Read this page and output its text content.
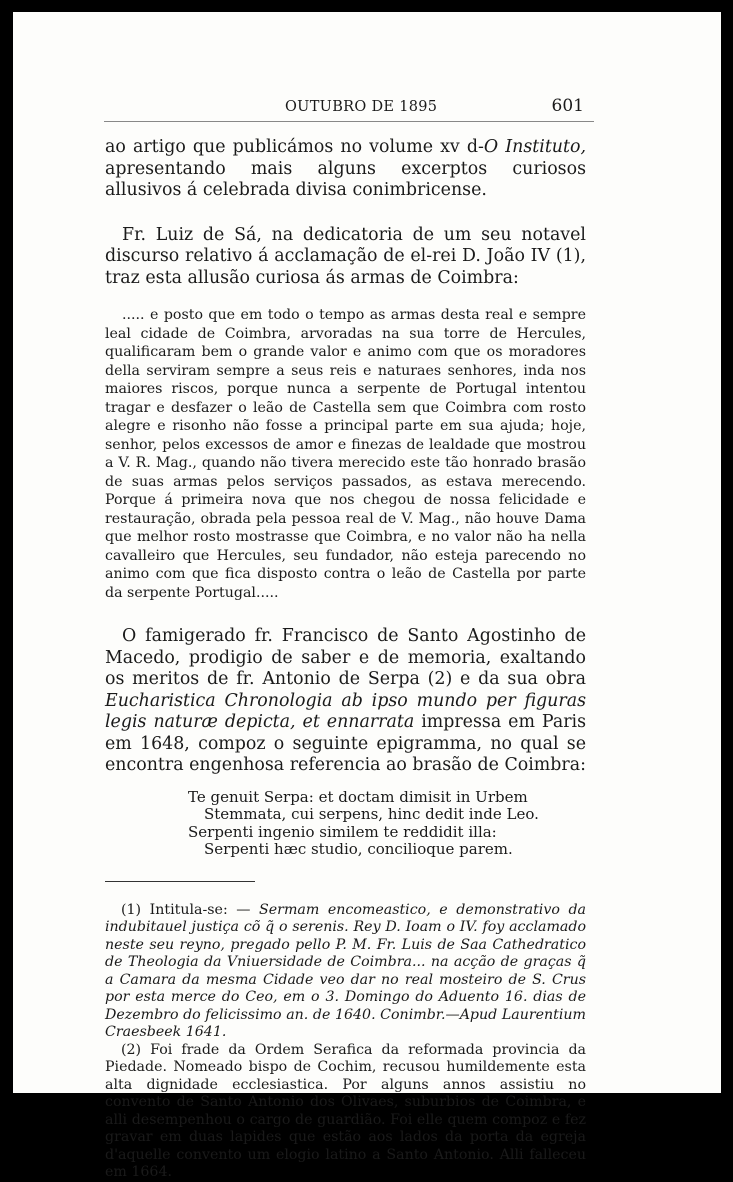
OUTUBRO DE 1895	601

ao artigo que publicámos no volume xv d-O Instituto, apresentando mais alguns excerptos curiosos allusivos á celebrada divisa conimbricense.

Fr. Luiz de Sá, na dedicatoria de um seu notavel discurso relativo á acclamação de el-rei D. João IV (1), traz esta allusão curiosa ás armas de Coimbra:

..... e posto que em todo o tempo as armas desta real e sempre leal cidade de Coimbra, arvoradas na sua torre de Hercules, qualificaram bem o grande valor e animo com que os moradores della serviram sempre a seus reis e naturaes senhores, inda nos maiores riscos, porque nunca a serpente de Portugal intentou tragar e desfazer o leão de Castella sem que Coimbra com rosto alegre e risonho não fosse a principal parte em sua ajuda; hoje, senhor, pelos excessos de amor e finezas de lealdade que mostrou a V. R. Mag., quando não tivera merecido este tão honrado brasão de suas armas pelos serviços passados, as estava merecendo. Porque á primeira nova que nos chegou de nossa felicidade e restauração, obrada pela pessoa real de V. Mag., não houve Dama que melhor rosto mostrasse que Coimbra, e no valor não ha nella cavalleiro que Hercules, seu fundador, não esteja parecendo no animo com que fica disposto contra o leão de Castella por parte da serpente Portugal.....

O famigerado fr. Francisco de Santo Agostinho de Macedo, prodigio de saber e de memoria, exaltando os meritos de fr. Antonio de Serpa (2) e da sua obra Eucharistica Chronologia ab ipso mundo per figuras legis naturæ depicta, et ennarrata impressa em Paris em 1648, compoz o seguinte epigramma, no qual se encontra engenhosa referencia ao brasão de Coimbra:

Te genuit Serpa: et doctam dimisit in Urbem
Stemmata, cui serpens, hinc dedit inde Leo.
Serpenti ingenio similem te reddidit illa:
Serpenti hæc studio, concilioque parem.

(1) Intitula-se: — Sermam encomeastico, e demonstrativo da indubitauel justiça cõ q̃ o serenis. Rey D. Ioam o IV. foy acclamado neste seu reyno, pregado pello P. M. Fr. Luis de Saa Cathedratico de Theologia da Vniuersidade de Coimbra... na acção de graças q̃ a Camara da mesma Cidade veo dar no real mosteiro de S. Crus por esta merce do Ceo, em o 3. Domingo do Aduento 16. dias de Dezembro do felicissimo an. de 1640. Conimbr.—Apud Laurentium Craesbeek 1641.

(2) Foi frade da Ordem Serafica da reformada provincia da Piedade. Nomeado bispo de Cochim, recusou humildemente esta alta dignidade ecclesiastica. Por alguns annos assistiu no convento de Santo Antonio dos Olivaes, suburbios de Coimbra, e alli desempenhou o cargo de guardião. Foi elle quem compoz e fez gravar em duas lapides que estão aos lados da porta da egreja d'aquelle convento um elogio latino a Santo Antonio. Alli falleceu em 1664.
